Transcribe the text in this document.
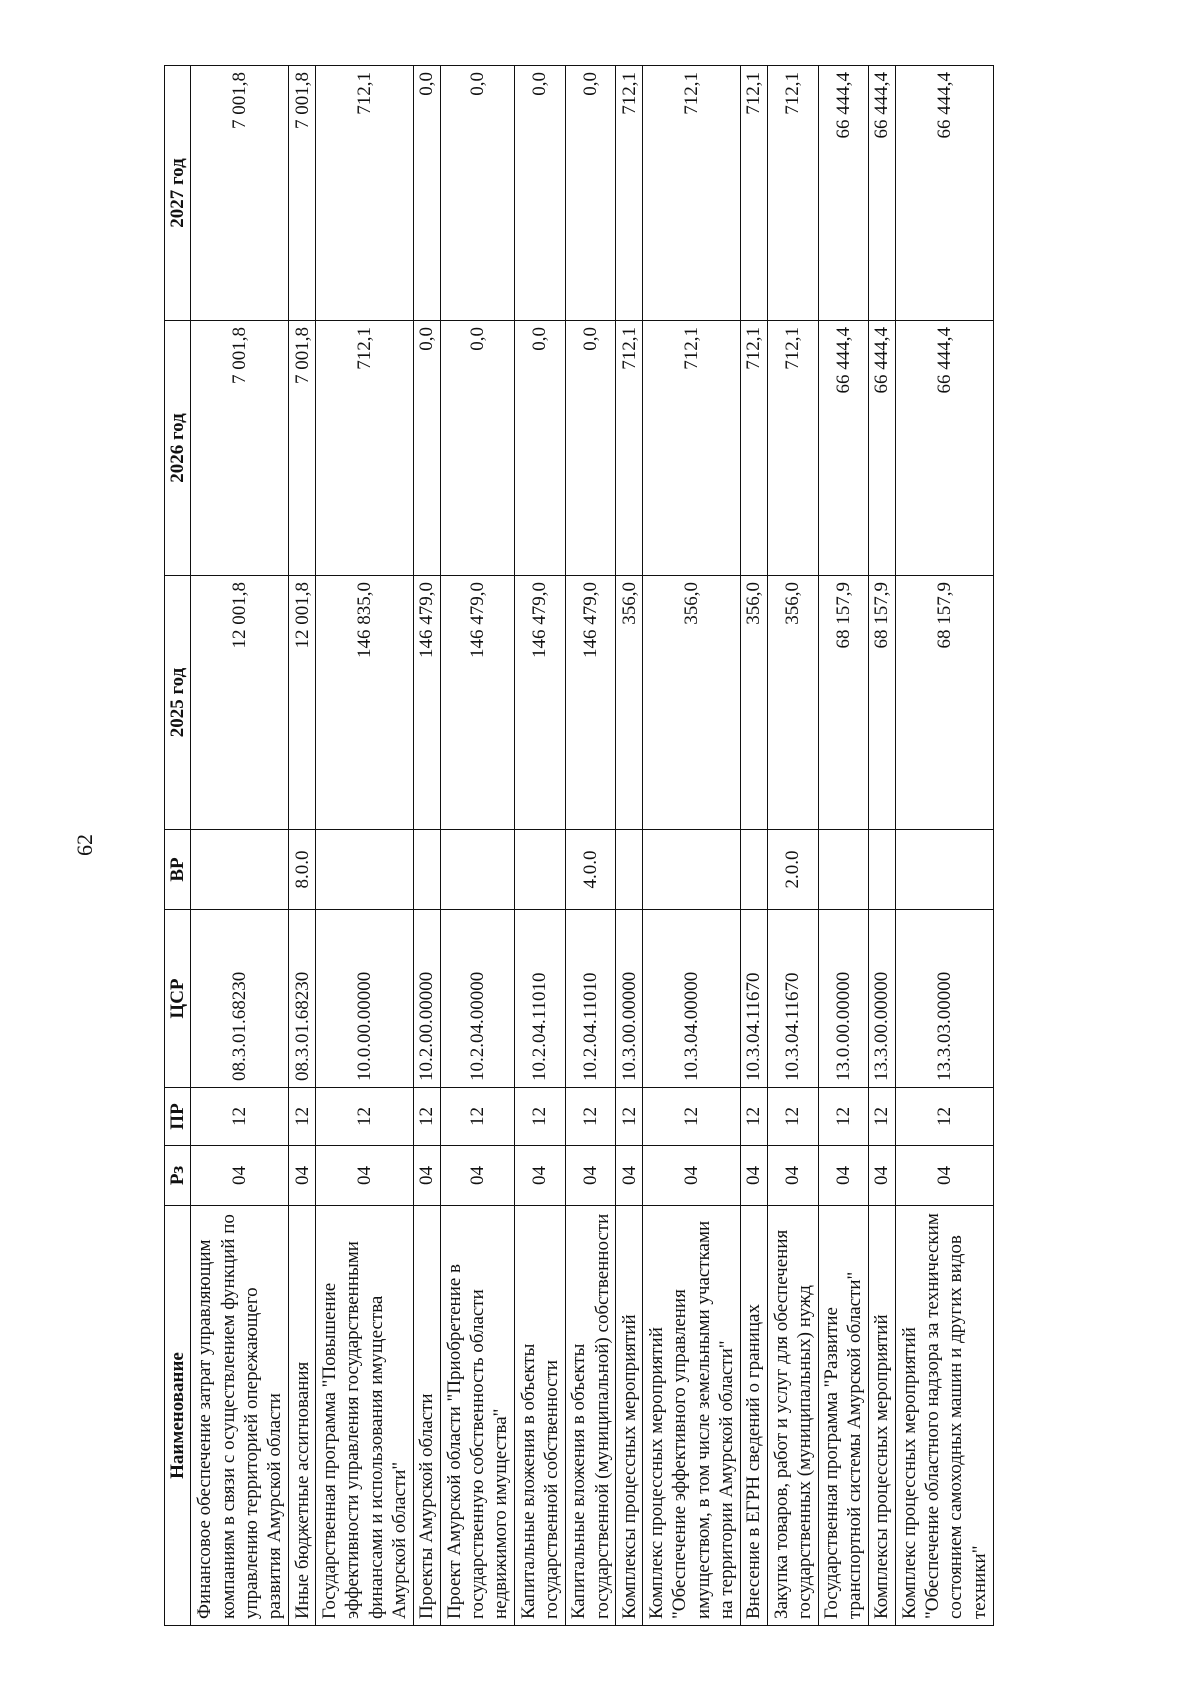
62
Наименование	Рз	ПР	ЦСР	ВР	2025 год	2026 год	2027 год
Финансовое обеспечение затрат управляющим компаниям в связи с осуществлением функций по управлению территорией опережающего развития Амурской области	04	12	08.3.01.68230		12 001,8	7 001,8	7 001,8
Иные бюджетные ассигнования	04	12	08.3.01.68230	8.0.0	12 001,8	7 001,8	7 001,8
Государственная программа "Повышение эффективности управления государственными финансами и использования имущества Амурской области"	04	12	10.0.00.00000		146 835,0	712,1	712,1
Проекты Амурской области	04	12	10.2.00.00000		146 479,0	0,0	0,0
Проект Амурской области "Приобретение в государственную собственность области недвижимого имущества"	04	12	10.2.04.00000		146 479,0	0,0	0,0
Капитальные вложения в объекты государственной собственности	04	12	10.2.04.11010		146 479,0	0,0	0,0
Капитальные вложения в объекты государственной (муниципальной) собственности	04	12	10.2.04.11010	4.0.0	146 479,0	0,0	0,0
Комплексы процессных мероприятий	04	12	10.3.00.00000		356,0	712,1	712,1
Комплекс процессных мероприятий "Обеспечение эффективного управления имуществом, в том числе земельными участками на территории Амурской области"	04	12	10.3.04.00000		356,0	712,1	712,1
Внесение в ЕГРН сведений о границах	04	12	10.3.04.11670		356,0	712,1	712,1
Закупка товаров, работ и услуг для обеспечения государственных (муниципальных) нужд	04	12	10.3.04.11670	2.0.0	356,0	712,1	712,1
Государственная программа "Развитие транспортной системы Амурской области"	04	12	13.0.00.00000		68 157,9	66 444,4	66 444,4
Комплексы процессных мероприятий	04	12	13.3.00.00000		68 157,9	66 444,4	66 444,4
Комплекс процессных мероприятий "Обеспечение областного надзора за техническим состоянием самоходных машин и других видов техники"	04	12	13.3.03.00000		68 157,9	66 444,4	66 444,4
